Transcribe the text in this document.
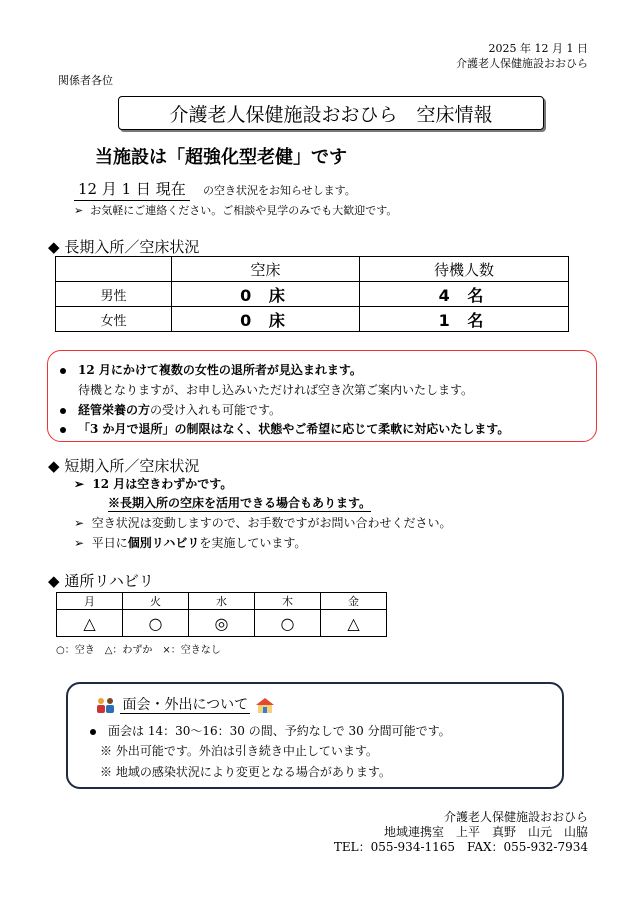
2025 年 12 月 1 日
介護老人保健施設おおひら
関係者各位
介護老人保健施設おおひら　空床情報
当施設は「超強化型老健」です
12 月 1 日 現在	の空き状況をお知らせします。
➢ お気軽にご連絡ください。ご相談や見学のみでも大歓迎です。
◆ 長期入所／空床状況
	空床	待機人数
男性	0 床	4 名
女性	0 床	1 名
12 月にかけて複数の女性の退所者が見込まれます。
待機となりますが、お申し込みいただければ空き次第ご案内いたします。
経管栄養の方の受け入れも可能です。
「3 か月で退所」の制限はなく、状態やご希望に応じて柔軟に対応いたします。
◆ 短期入所／空床状況
➢ 12 月は空きわずかです。
※長期入所の空床を活用できる場合もあります。
➢ 空き状況は変動しますので、お手数ですがお問い合わせください。
➢ 平日に個別リハビリを実施しています。
◆ 通所リハビリ
月	火	水	木	金
△	○	◎	○	△
○：空き　△：わずか　×：空きなし
面会・外出について
面会は 14：30～16：30 の間、予約なしで 30 分間可能です。
※ 外出可能です。外泊は引き続き中止しています。
※ 地域の感染状況により変更となる場合があります。
介護老人保健施設おおひら
地域連携室　上平　真野　山元　山脇
TEL：055-934-1165　FAX：055-932-7934
